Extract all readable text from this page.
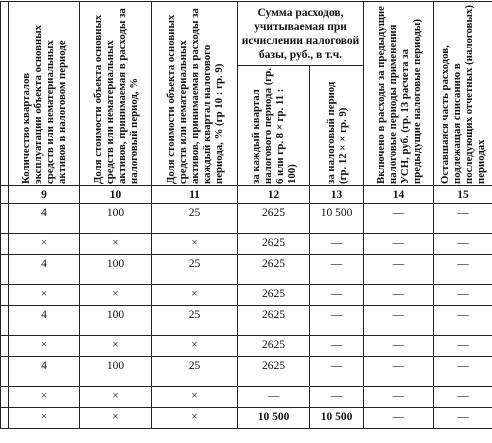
	Количество кварталов эксплуатации объекта основных средств или нематериальных активов в налоговом периоде	Доля стоимости объекта основных средств или нематериальных активов, принимаемая в расходы за налоговый период, %	Доля стоимости объекта основных средств или нематериальных активов, принимаемая в расходы за каждый квартал налогового периода, % (гр 10 : гр. 9)	Сумма расходов, учитываемая при исчислении налоговой базы, руб., в т.ч.		Включено в расходы за предыдущие налоговые периоды применения УСН, руб. (гр. 13 расчета за предыдущие налоговые периоды)	Оставшаяся часть расходов, подлежащая списанию в последующих отчетных (налоговых) периодах

				за каждый квартал налогового периода (гр. 6 или гр. 8 × гр. 11 : 100)	за налоговый период (гр. 12 × × гр. 9)		

	9	10	11	12	13	14	15
	4	100	25	2625	10 500	—	—
	×	×	×	2625	—	—	—
	4	100	25	2625	—	—	—
	×	×	×	2625	—	—	—
	4	100	25	2625	—	—	—
	×	×	×	2625	—	—	—
	4	100	25	2625	—	—	—
	×	×	×	—	—	—	—
	×	×	×	10 500	10 500	—	—
